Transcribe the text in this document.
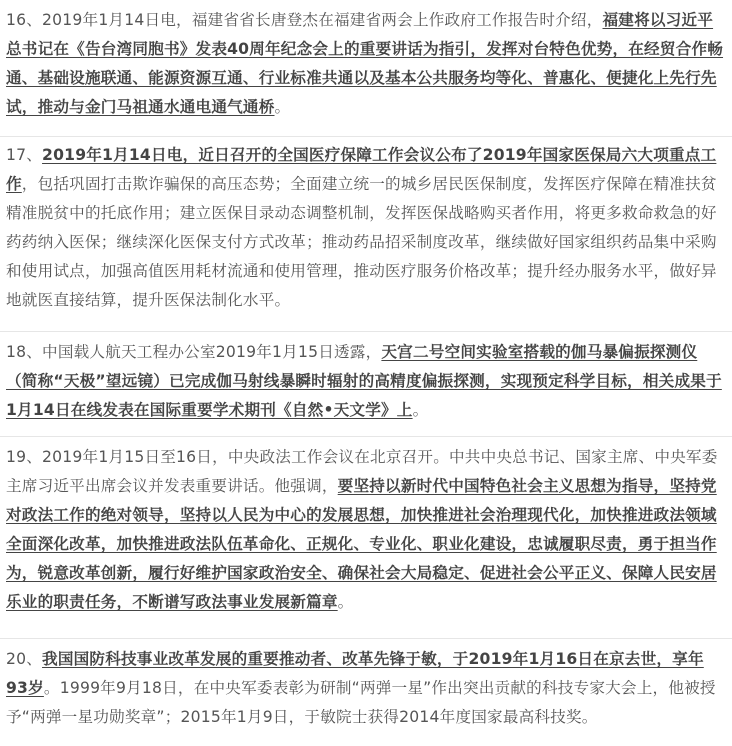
16、2019年1月14日电，福建省省长唐登杰在福建省两会上作政府工作报告时介绍，福建将以习近平总书记在《告台湾同胞书》发表40周年纪念会上的重要讲话为指引，发挥对台特色优势，在经贸合作畅通、基础设施联通、能源资源互通、行业标准共通以及基本公共服务均等化、普惠化、便捷化上先行先试，推动与金门马祖通水通电通气通桥。

17、2019年1月14日电，近日召开的全国医疗保障工作会议公布了2019年国家医保局六大项重点工作，包括巩固打击欺诈骗保的高压态势；全面建立统一的城乡居民医保制度，发挥医疗保障在精准扶贫精准脱贫中的托底作用；建立医保目录动态调整机制，发挥医保战略购买者作用，将更多救命救急的好药药纳入医保；继续深化医保支付方式改革；推动药品招采制度改革，继续做好国家组织药品集中采购和使用试点，加强高值医用耗材流通和使用管理，推动医疗服务价格改革；提升经办服务水平，做好异地就医直接结算，提升医保法制化水平。

18、中国载人航天工程办公室2019年1月15日透露，天宫二号空间实验室搭载的伽马暴偏振探测仪（简称“天极”望远镜）已完成伽马射线暴瞬时辐射的高精度偏振探测，实现预定科学目标，相关成果于1月14日在线发表在国际重要学术期刊《自然•天文学》上。

19、2019年1月15日至16日，中央政法工作会议在北京召开。中共中央总书记、国家主席、中央军委主席习近平出席会议并发表重要讲话。他强调，要坚持以新时代中国特色社会主义思想为指导，坚持党对政法工作的绝对领导，坚持以人民为中心的发展思想，加快推进社会治理现代化，加快推进政法领域全面深化改革，加快推进政法队伍革命化、正规化、专业化、职业化建设，忠诚履职尽责，勇于担当作为，锐意改革创新，履行好维护国家政治安全、确保社会大局稳定、促进社会公平正义、保障人民安居乐业的职责任务，不断谱写政法事业发展新篇章。

20、我国国防科技事业改革发展的重要推动者、改革先锋于敏，于2019年1月16日在京去世，享年93岁。1999年9月18日，在中央军委表彰为研制“两弹一星”作出突出贡献的科技专家大会上，他被授予“两弹一星功勋奖章”；2015年1月9日，于敏院士获得2014年度国家最高科技奖。
